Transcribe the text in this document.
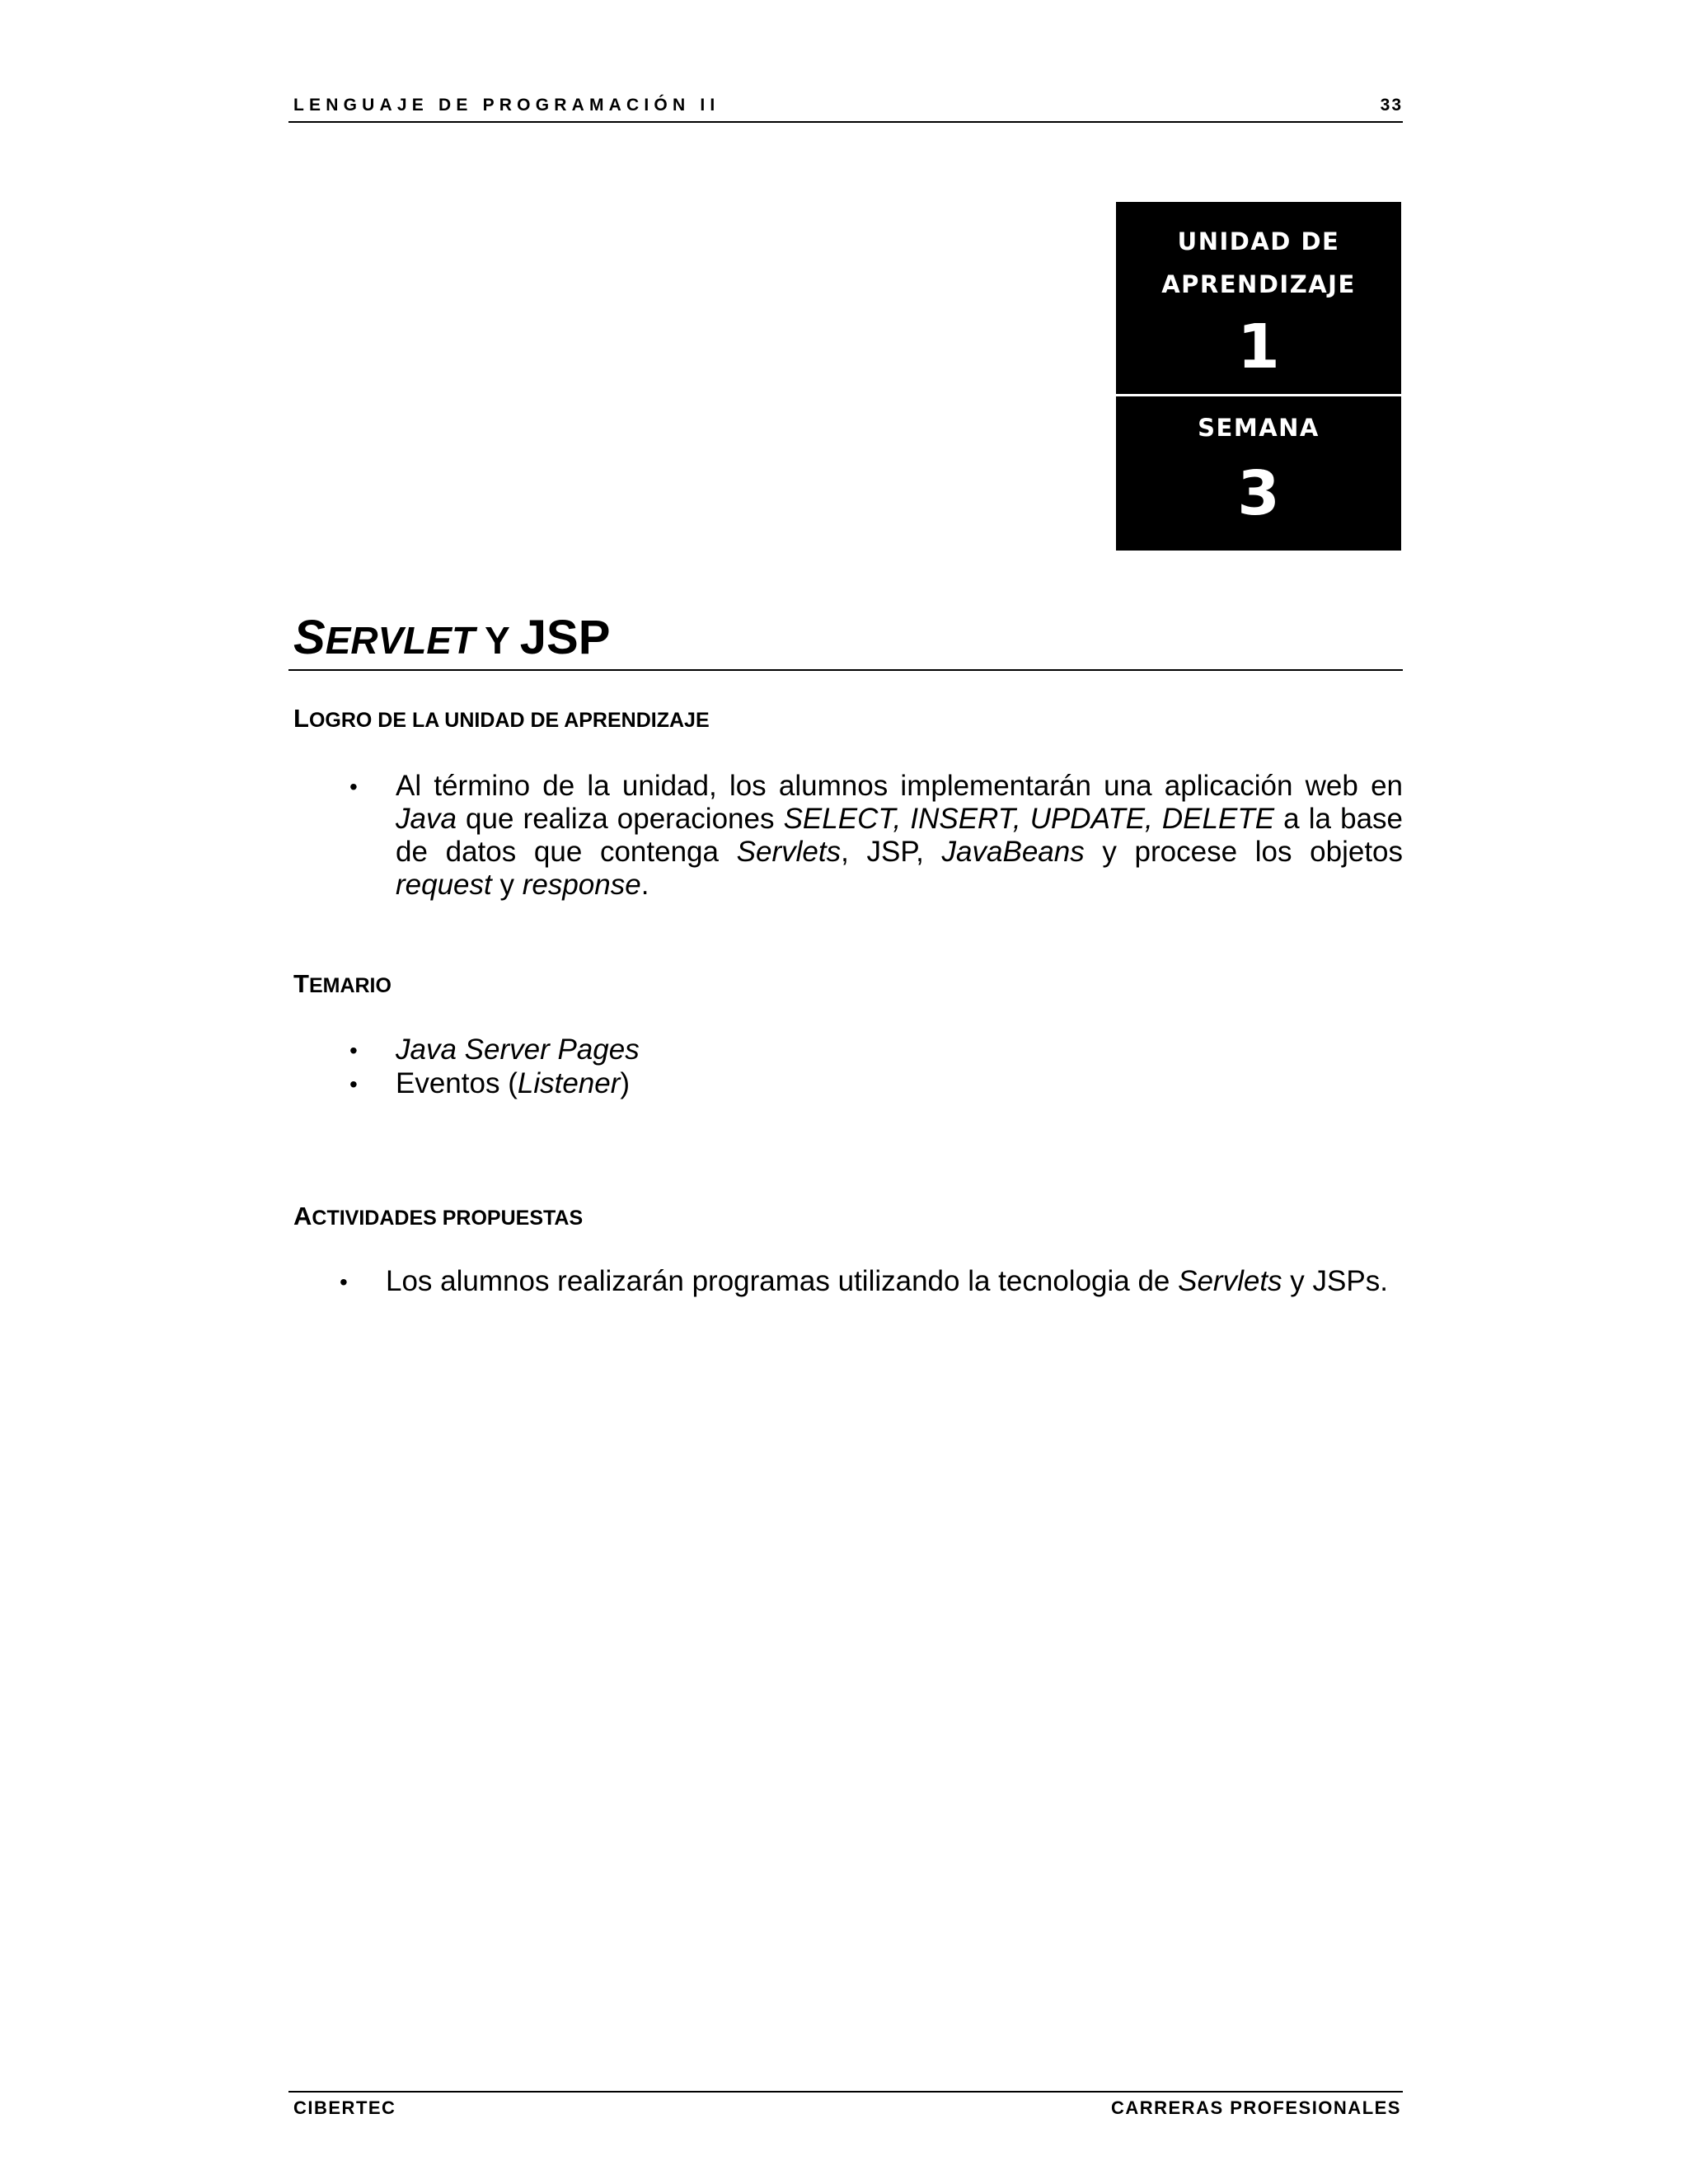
LENGUAJE DE PROGRAMACIÓN II	33
UNIDAD DE
APRENDIZAJE
1
SEMANA
3
SERVLET Y JSP
LOGRO DE LA UNIDAD DE APRENDIZAJE
• Al término de la unidad, los alumnos implementarán una aplicación web en Java que realiza operaciones SELECT, INSERT, UPDATE, DELETE a la base de datos que contenga Servlets, JSP, JavaBeans y procese los objetos request y response.
TEMARIO
• Java Server Pages
• Eventos (Listener)
ACTIVIDADES PROPUESTAS
• Los alumnos realizarán programas utilizando la tecnologia de Servlets y JSPs.
CIBERTEC	CARRERAS PROFESIONALES
